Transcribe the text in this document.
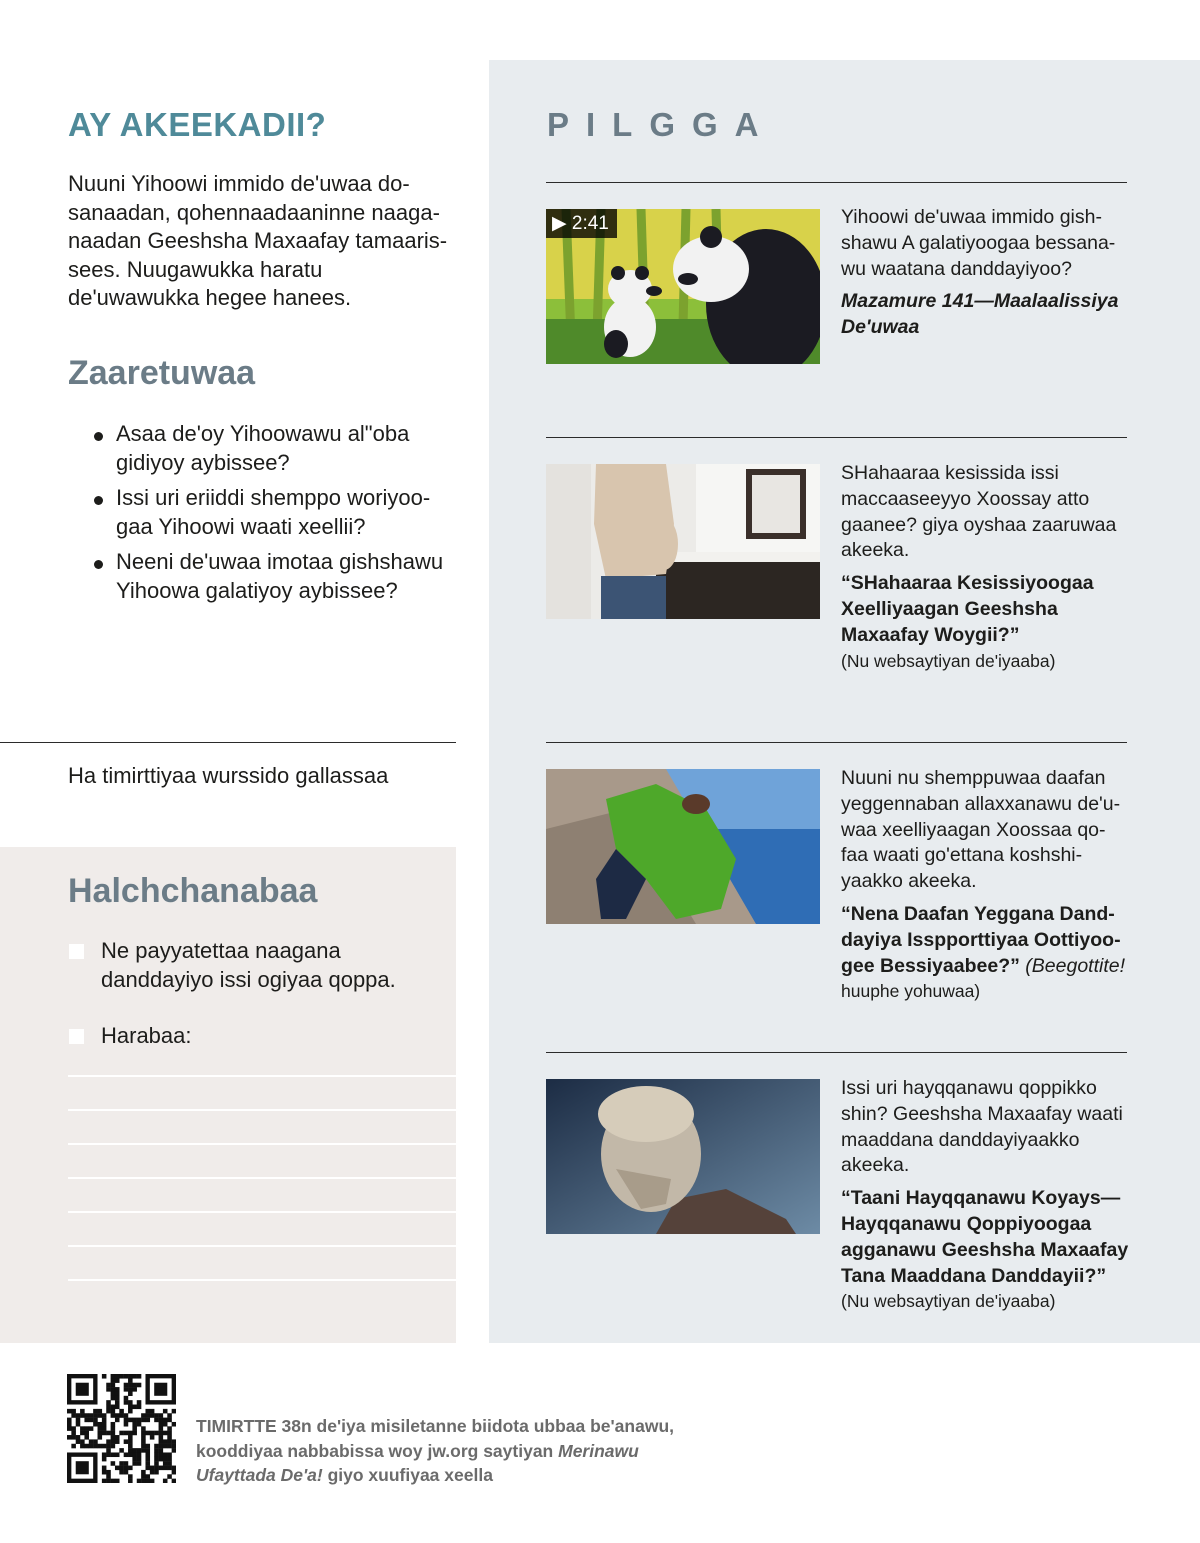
AY AKEEKADII?
Nuuni Yihoowi immido de'uwaa do-sanaadan, qohennaadaaninne naaga-naadan Geeshsha Maxaafay tamaaris-sees. Nuugawukka haratu de'uwawukka hegee hanees.
Zaaretuwaa
Asaa de'oy Yihoowawu al"oba gidiyoy aybissee?
Issi uri eriiddi shemppo woriyoo-gaa Yihoowi waati xeellii?
Neeni de'uwaa imotaa gishshawu Yihoowa galatiyoy aybissee?
Ha timirttiyaa wurssido gallassaa
Halchchanabaa
Ne payyatettaa naagana danddayiyo issi ogiyaa qoppa.
Harabaa:
PILGGA
▶ 2:41	Yihoowi de'uwaa immido gish-shawu A galatiyoogaa bessana-wu waatana danddayiyoo?
Mazamure 141—Maalaalissiya De'uwaa
SHahaaraa kesissida issi maccaaseeyyo Xoossay atto gaanee? giya oyshaa zaaruwaa akeeka.
“SHahaaraa Kesissiyoogaa Xeelliyaagan Geeshsha Maxaafay Woygii?”
(Nu websaytiyan de'iyaaba)
Nuuni nu shemppuwaa daafan yeggennaban allaxxanawu de'u-waa xeelliyaagan Xoossaa qo-faa waati go'ettana koshshi-yaakko akeeka.
“Nena Daafan Yeggana Dand-dayiya Isspporttiyaa Oottiyoo-gee Bessiyaabee?” (Beegottite!
huuphe yohuwaa)
Issi uri hayqqanawu qoppikko shin? Geeshsha Maxaafay waati maaddana danddayiyaakko akeeka.
“Taani Hayqqanawu Koyays—Hayqqanawu Qoppiyoogaa agganawu Geeshsha Maxaafay Tana Maaddana Danddayii?”
(Nu websaytiyan de'iyaaba)
TIMIRTTE 38n de'iya misiletanne biidota ubbaa be'anawu, kooddiyaa nabbabissa woy jw.org saytiyan Merinawu Ufayttada De'a! giyo xuufiyaa xeella
